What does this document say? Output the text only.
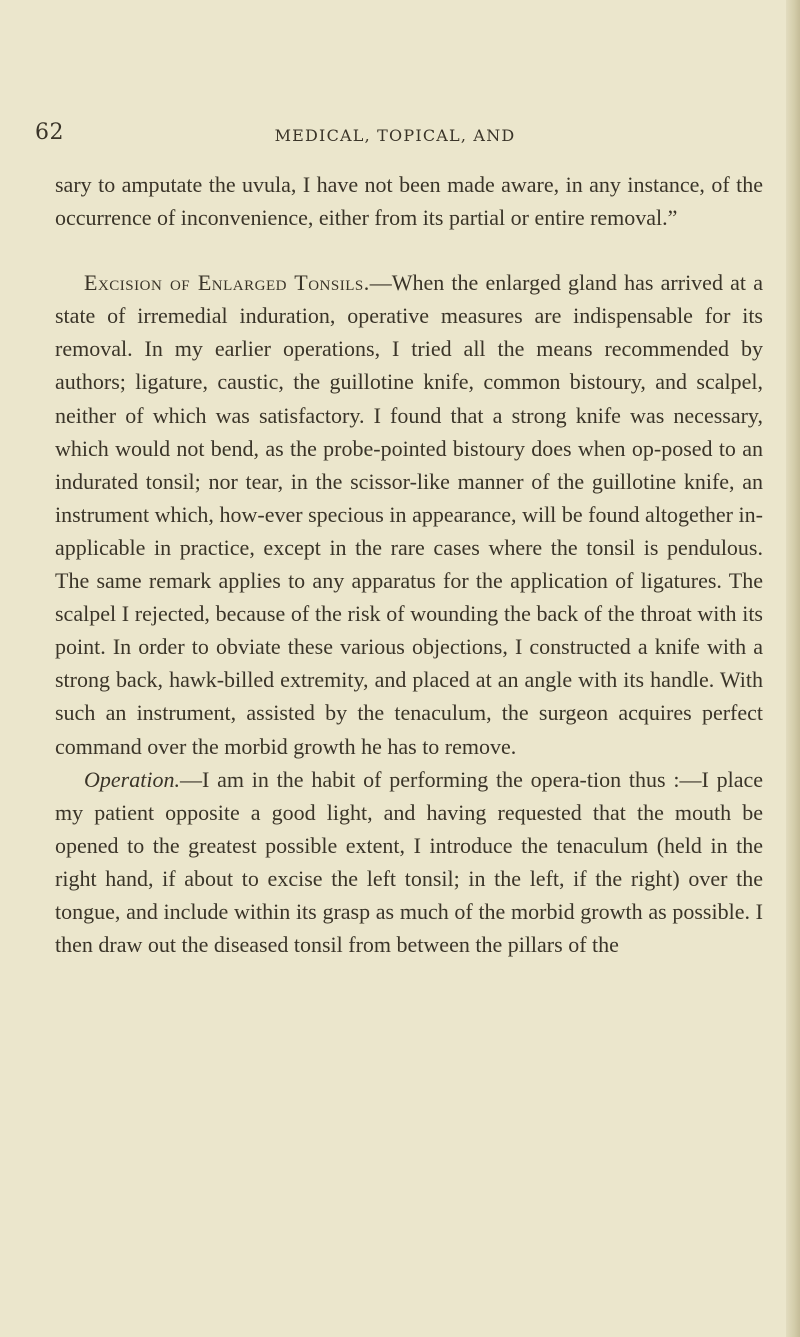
62	MEDICAL, TOPICAL, AND

sary to amputate the uvula, I have not been made aware, in any instance, of the occurrence of inconvenience, either from its partial or entire removal.”

Excision of Enlarged Tonsils.—When the enlarged gland has arrived at a state of irremedial induration, operative measures are indispensable for its removal. In my earlier operations, I tried all the means recommended by authors; ligature, caustic, the guillotine knife, common bistoury, and scalpel, neither of which was satisfactory. I found that a strong knife was necessary, which would not bend, as the probe-pointed bistoury does when op-posed to an indurated tonsil; nor tear, in the scissor-like manner of the guillotine knife, an instrument which, how-ever specious in appearance, will be found altogether in-applicable in practice, except in the rare cases where the tonsil is pendulous. The same remark applies to any apparatus for the application of ligatures. The scalpel I rejected, because of the risk of wounding the back of the throat with its point. In order to obviate these various objections, I constructed a knife with a strong back, hawk-billed extremity, and placed at an angle with its handle. With such an instrument, assisted by the tenaculum, the surgeon acquires perfect command over the morbid growth he has to remove.

Operation.—I am in the habit of performing the opera-tion thus :—I place my patient opposite a good light, and having requested that the mouth be opened to the greatest possible extent, I introduce the tenaculum (held in the right hand, if about to excise the left tonsil; in the left, if the right) over the tongue, and include within its grasp as much of the morbid growth as possible. I then draw out the diseased tonsil from between the pillars of the
